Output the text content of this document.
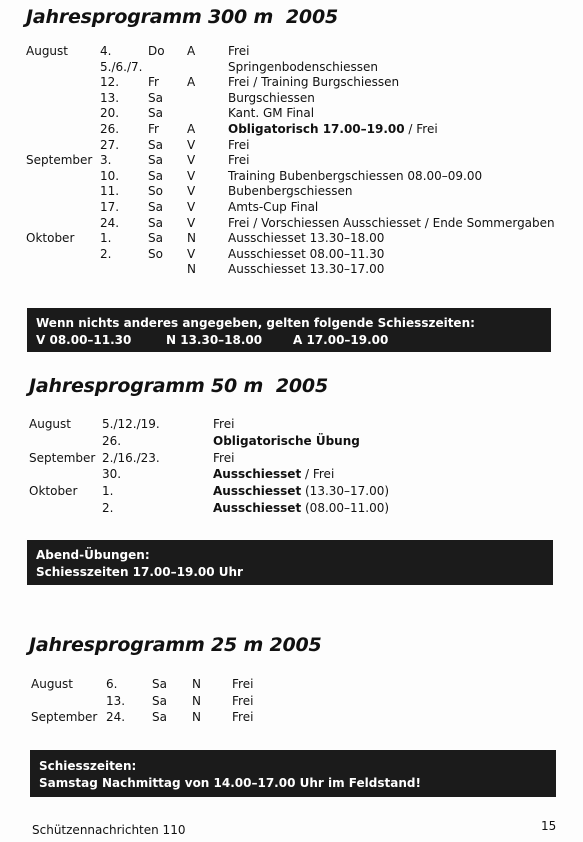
Jahresprogramm 300 m  2005
August	4.	Do A	Frei
5./6./7.	Springenbodenschiessen
12. Fr A	Frei / Training Burgschiessen
13. Sa	Burgschiessen
20. Sa	Kant. GM Final
26. Fr A	Obligatorisch 17.00–19.00 / Frei
27. Sa V	Frei
September 3.	Sa V	Frei
10. Sa V	Training Bubenbergschiessen 08.00–09.00
11. So V	Bubenbergschiessen
17. Sa V	Amts-Cup Final
24. Sa V	Frei / Vorschiessen Ausschiesset / Ende Sommergaben
Oktober 1.	Sa N	Ausschiesset 13.30–18.00
2.	So V	Ausschiesset 08.00–11.30
N	Ausschiesset 13.30–17.00
Wenn nichts anderes angegeben, gelten folgende Schiesszeiten:
V 08.00–11.30	N 13.30–18.00	A 17.00–19.00
Jahresprogramm 50 m  2005
August	5./12./19.	Frei
26.	Obligatorische Übung
September 2./16./23.	Frei
30.	Ausschiesset / Frei
Oktober 1.	Ausschiesset (13.30–17.00)
2.	Ausschiesset (08.00–11.00)
Abend-Übungen:
Schiesszeiten 17.00–19.00 Uhr
Jahresprogramm 25 m 2005
August	6.	Sa N	Frei
13. Sa N	Frei
September 24. Sa N	Frei
Schiesszeiten:
Samstag Nachmittag von 14.00–17.00 Uhr im Feldstand!
Schützennachrichten 110	15
